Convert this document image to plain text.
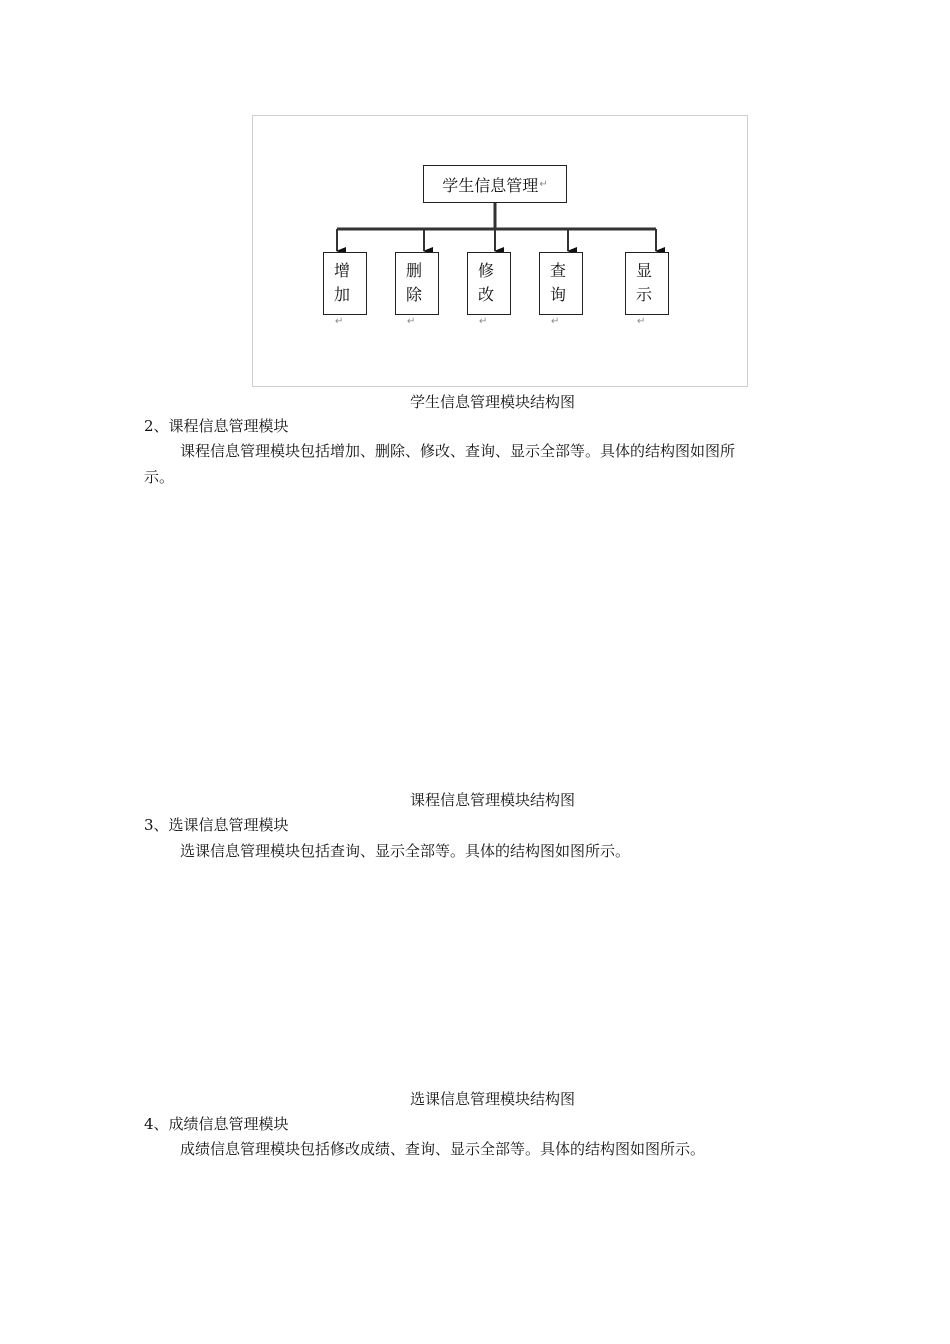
学生信息管理 ↵
增
加
↵
删
除
↵
修
改
↵
查
询
↵
显
示
↵
学生信息管理模块结构图
2、课程信息管理模块
课程信息管理模块包括增加、删除、修改、查询、显示全部等。具体的结构图如图所
示。
课程信息管理模块结构图
3、选课信息管理模块
选课信息管理模块包括查询、显示全部等。具体的结构图如图所示。
选课信息管理模块结构图
4、成绩信息管理模块
成绩信息管理模块包括修改成绩、查询、显示全部等。具体的结构图如图所示。
